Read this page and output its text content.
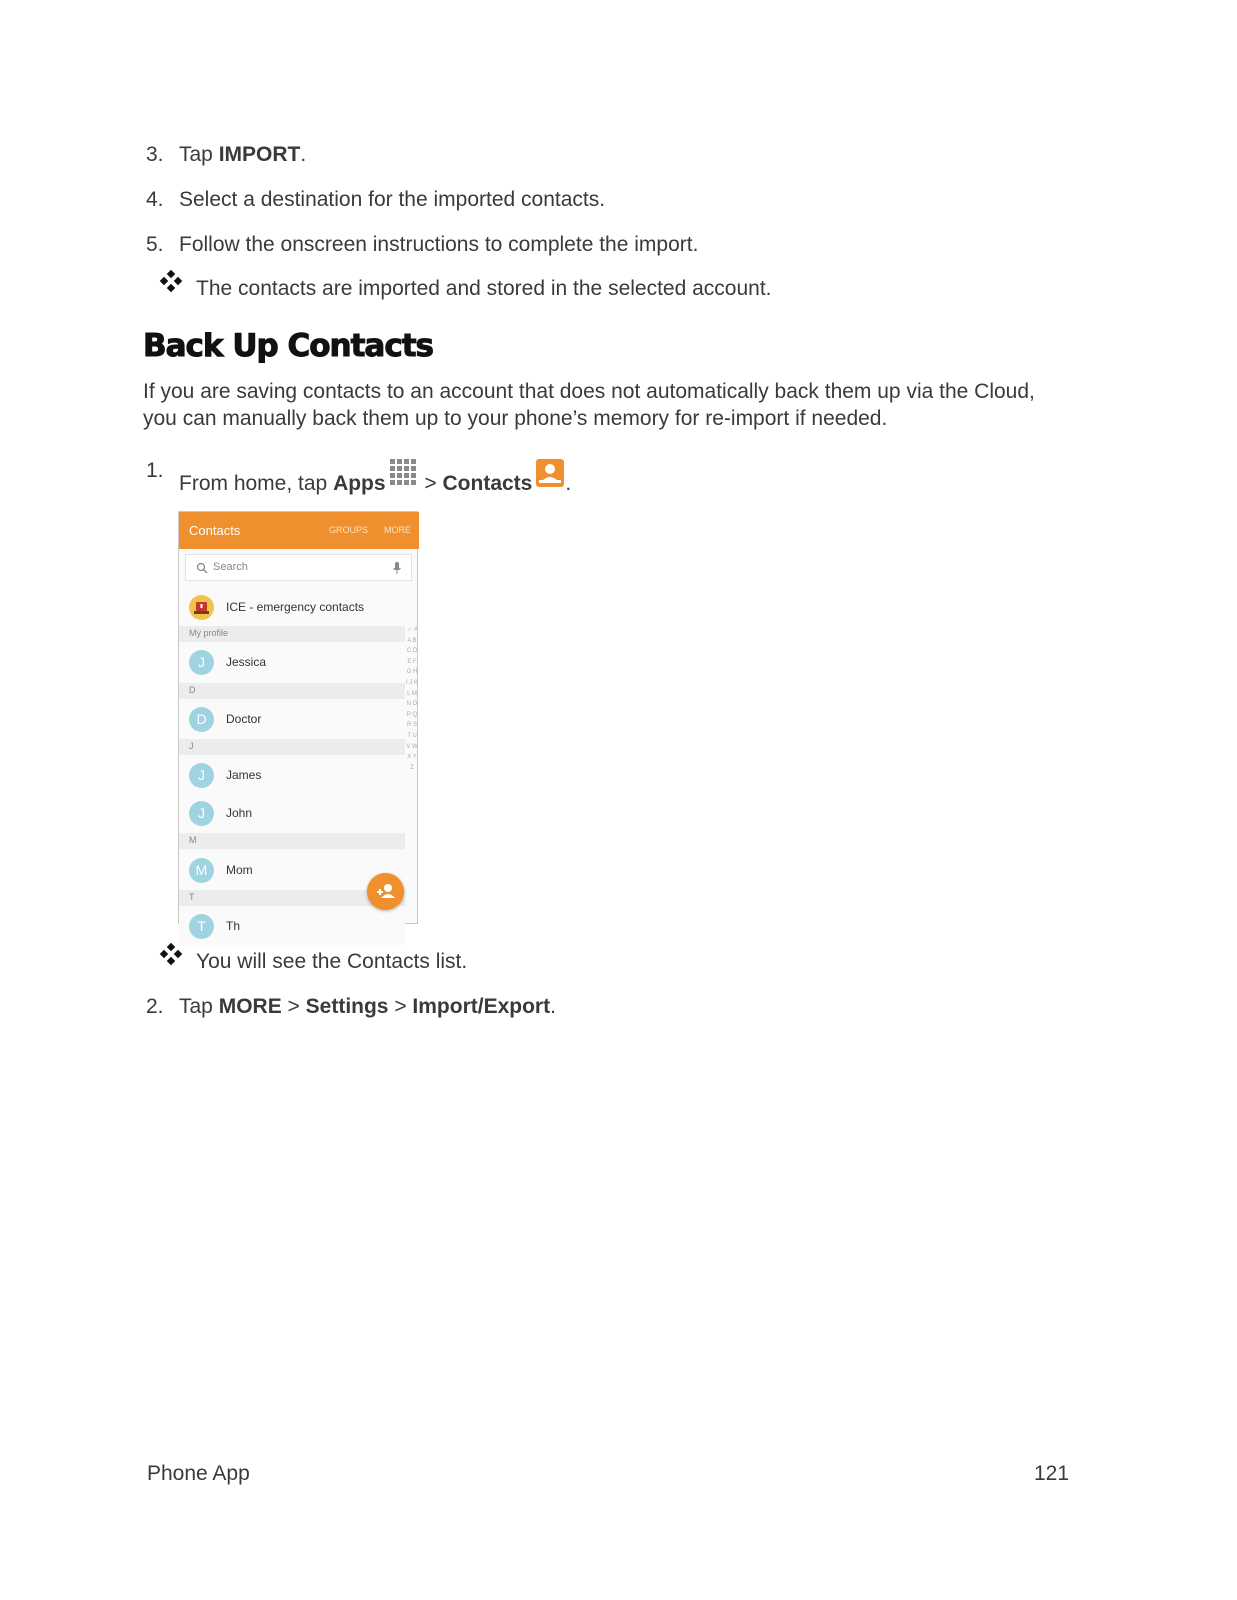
3. Tap IMPORT.
4. Select a destination for the imported contacts.
5. Follow the onscreen instructions to complete the import.
The contacts are imported and stored in the selected account.
Back Up Contacts
If you are saving contacts to an account that does not automatically back them up via the Cloud, you can manually back them up to your phone’s memory for re-import if needed.
1.
From home, tap Apps > Contacts .
Contacts	GROUPS MORE
Search
ICE - emergency contacts
My profile
J	Jessica
D
D	Doctor
J
J	James
J	John
M
M	Mom
T
T	Th
☆ # A B C D E F G H I J K L M N O P Q R S T U V W X Y Z
You will see the Contacts list.
2. Tap MORE > Settings > Import/Export.
Phone App	121
